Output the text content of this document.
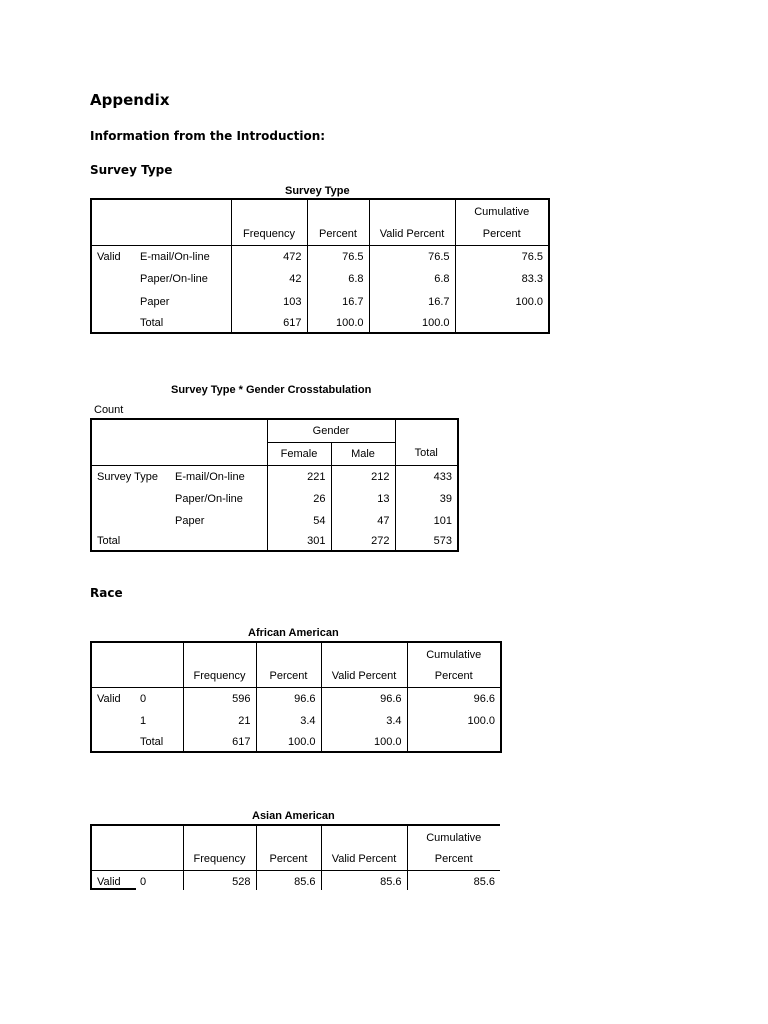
Appendix
Information from the Introduction:
Survey Type
Survey Type
					Cumulative
		Frequency	Percent	Valid Percent	Percent
Valid	E-mail/On-line	472	76.5	76.5	76.5
	Paper/On-line	42	6.8	6.8	83.3
	Paper	103	16.7	16.7	100.0
	Total	617	100.0	100.0	
Survey Type * Gender Crosstabulation
Count
		Gender		
		Female	Male	Total
Survey Type	E-mail/On-line	221	212	433
	Paper/On-line	26	13	39
	Paper	54	47	101
Total		301	272	573
Race
African American
					Cumulative
		Frequency	Percent	Valid Percent	Percent
Valid	0	596	96.6	96.6	96.6
	1	21	3.4	3.4	100.0
	Total	617	100.0	100.0	
Asian American
					Cumulative
		Frequency	Percent	Valid Percent	Percent
Valid	0	528	85.6	85.6	85.6
